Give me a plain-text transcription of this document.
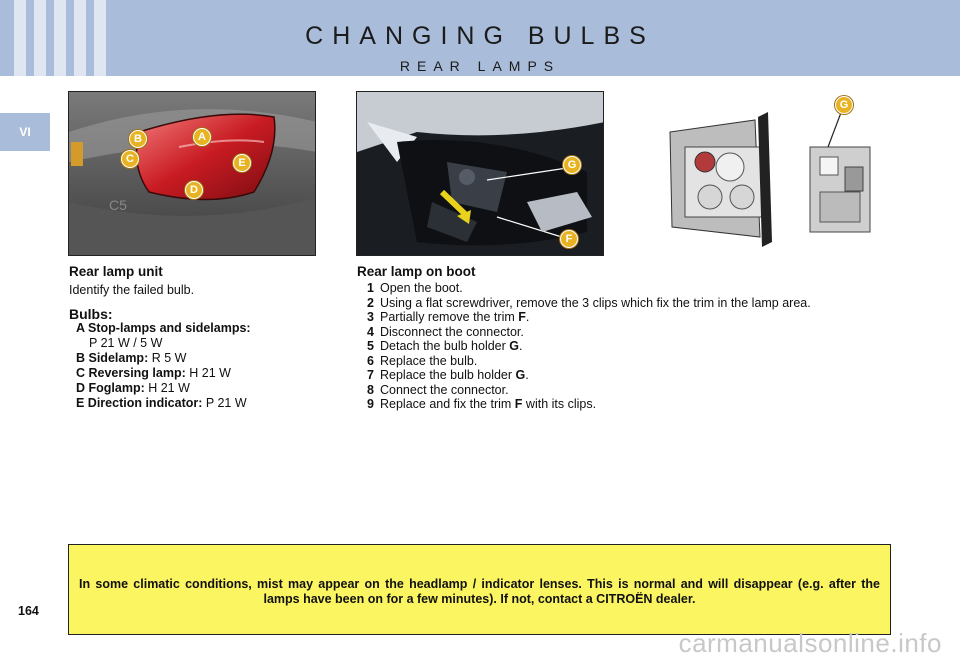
CHANGING BULBS
REAR LAMPS
VI
C5
B	A
C	E
D
G
F
G
Rear lamp unit
Identify the failed bulb.
Bulbs:
A Stop-lamps and sidelamps:
P 21 W / 5 W
B Sidelamp: R 5 W
C Reversing lamp: H 21 W
D Foglamp: H 21 W
E Direction indicator: P 21 W
Rear lamp on boot
1 Open the boot.
2 Using a flat screwdriver, remove the 3 clips which fix the trim in the lamp area.
3 Partially remove the trim F.
4 Disconnect the connector.
5 Detach the bulb holder G.
6 Replace the bulb.
7 Replace the bulb holder G.
8 Connect the connector.
9 Replace and fix the trim F with its clips.
In some climatic conditions, mist may appear on the headlamp / indicator lenses. This is normal and will disappear (e.g. after the lamps have been on for a few minutes). If not, contact a CITROËN dealer.
164
carmanualsonline.info
